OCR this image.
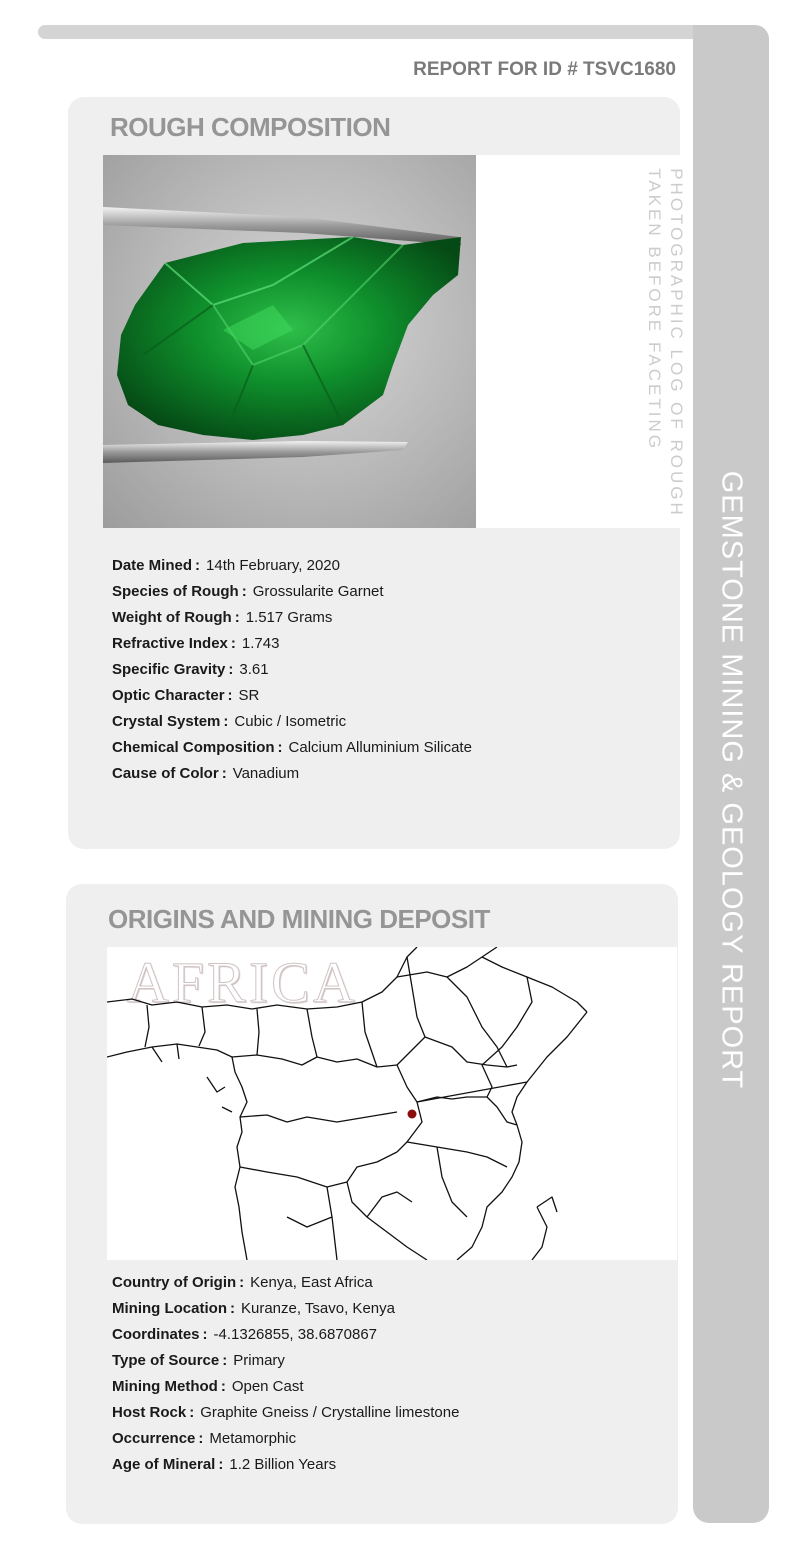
GEMSTONE MINING & GEOLOGY REPORT
REPORT FOR ID # TSVC1680
ROUGH COMPOSITION
PHOTOGRAPHIC LOG OF ROUGH
TAKEN BEFORE FACETING
Date Mined : 14th February, 2020
Species of Rough : Grossularite Garnet
Weight of Rough : 1.517 Grams
Refractive Index : 1.743
Specific Gravity : 3.61
Optic Character : SR
Crystal System : Cubic / Isometric
Chemical Composition : Calcium Alluminium Silicate
Cause of Color : Vanadium
ORIGINS AND MINING DEPOSIT
AFRICA
Country of Origin : Kenya, East Africa
Mining Location : Kuranze, Tsavo, Kenya
Coordinates : -4.1326855, 38.6870867
Type of Source : Primary
Mining Method : Open Cast
Host Rock : Graphite Gneiss / Crystalline limestone
Occurrence : Metamorphic
Age of Mineral : 1.2 Billion Years
